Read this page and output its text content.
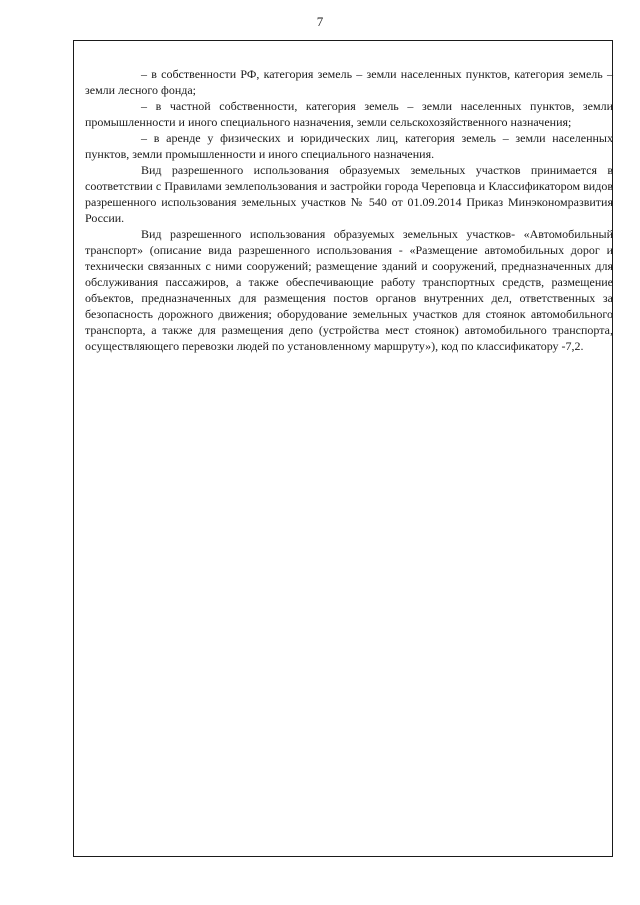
7

– в собственности РФ, категория земель – земли населенных пунктов, категория земель – земли лесного фонда;

– в частной собственности, категория земель – земли населенных пунктов, земли промышленности и иного специального назначения, земли сельскохозяйственного назначения;

– в аренде у физических и юридических лиц, категория земель – земли населенных пунктов, земли промышленности и иного специального назначения.

Вид разрешенного использования образуемых земельных участков принимается в соответствии с Правилами землепользования и застройки города Череповца и Классификатором видов разрешенного использования земельных участков № 540 от 01.09.2014 Приказ Минэкономразвития России.

Вид разрешенного использования образуемых земельных участков- «Автомобильный транспорт» (описание вида разрешенного использования - «Размещение автомобильных дорог и технически связанных с ними сооружений; размещение зданий и сооружений, предназначенных для обслуживания пассажиров, а также обеспечивающие работу транспортных средств, размещение объектов, предназначенных для размещения постов органов внутренних дел, ответственных за безопасность дорожного движения; оборудование земельных участков для стоянок автомобильного транспорта, а также для размещения депо (устройства мест стоянок) автомобильного транспорта, осуществляющего перевозки людей по установленному маршруту»), код по классификатору -7,2.
